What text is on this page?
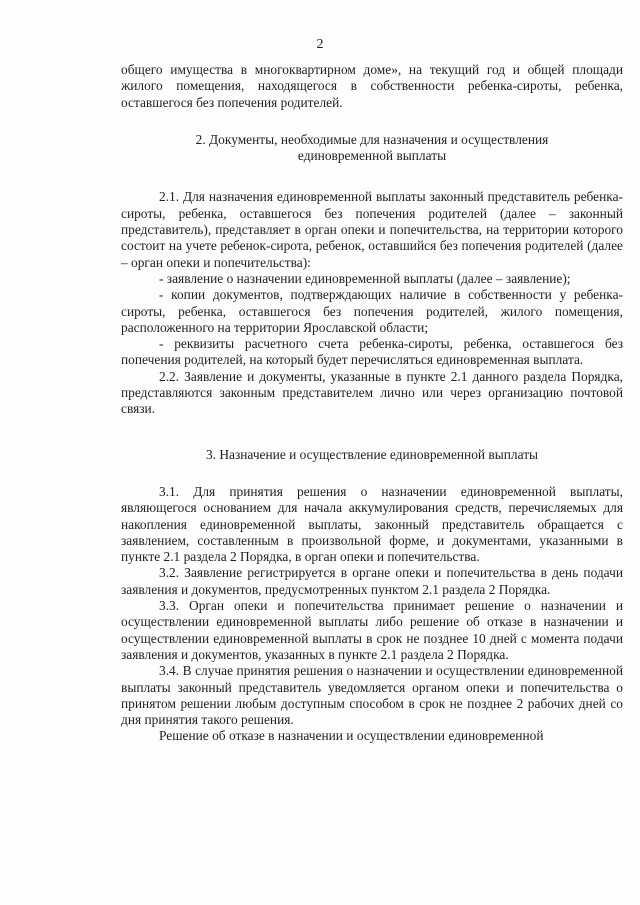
2

общего имущества в многоквартирном доме», на текущий год и общей площади жилого помещения, находящегося в собственности ребенка-сироты, ребенка, оставшегося без попечения родителей.

2. Документы, необходимые для назначения и осуществления
единовременной выплаты

2.1. Для назначения единовременной выплаты законный представитель ребенка-сироты, ребенка, оставшегося без попечения родителей (далее – законный представитель), представляет в орган опеки и попечительства, на территории которого состоит на учете ребенок-сирота, ребенок, оставшийся без попечения родителей (далее – орган опеки и попечительства):

- заявление о назначении единовременной выплаты (далее – заявление);

- копии документов, подтверждающих наличие в собственности у ребенка-сироты, ребенка, оставшегося без попечения родителей, жилого помещения, расположенного на территории Ярославской области;

- реквизиты расчетного счета ребенка-сироты, ребенка, оставшегося без попечения родителей, на который будет перечисляться единовременная выплата.

2.2. Заявление и документы, указанные в пункте 2.1 данного раздела Порядка, представляются законным представителем лично или через организацию почтовой связи.

3. Назначение и осуществление единовременной выплаты

3.1. Для принятия решения о назначении единовременной выплаты, являющегося основанием для начала аккумулирования средств, перечисляемых для накопления единовременной выплаты, законный представитель обращается с заявлением, составленным в произвольной форме, и документами, указанными в пункте 2.1 раздела 2 Порядка, в орган опеки и попечительства.

3.2. Заявление регистрируется в органе опеки и попечительства в день подачи заявления и документов, предусмотренных пунктом 2.1 раздела 2 Порядка.

3.3. Орган опеки и попечительства принимает решение о назначении и осуществлении единовременной выплаты либо решение об отказе в назначении и осуществлении единовременной выплаты в срок не позднее 10 дней с момента подачи заявления и документов, указанных в пункте 2.1 раздела 2 Порядка.

3.4. В случае принятия решения о назначении и осуществлении единовременной выплаты законный представитель уведомляется органом опеки и попечительства о принятом решении любым доступным способом в срок не позднее 2 рабочих дней со дня принятия такого решения.

Решение об отказе в назначении и осуществлении единовременной
